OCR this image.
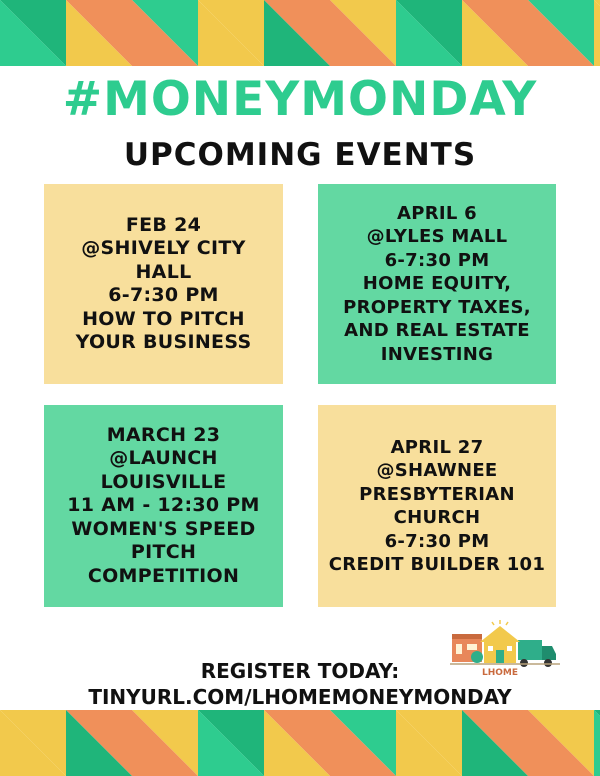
#MONEYMONDAY
UPCOMING EVENTS
FEB 24
@SHIVELY CITY
HALL
6-7:30 PM
HOW TO PITCH
YOUR BUSINESS
APRIL 6
@LYLES MALL
6-7:30 PM
HOME EQUITY,
PROPERTY TAXES,
AND REAL ESTATE
INVESTING
MARCH 23
@LAUNCH
LOUISVILLE
11 AM - 12:30 PM
WOMEN'S SPEED
PITCH
COMPETITION
APRIL 27
@SHAWNEE
PRESBYTERIAN
CHURCH
6-7:30 PM
CREDIT BUILDER 101
LHOME
REGISTER TODAY:
TINYURL.COM/LHOMEMONEYMONDAY
